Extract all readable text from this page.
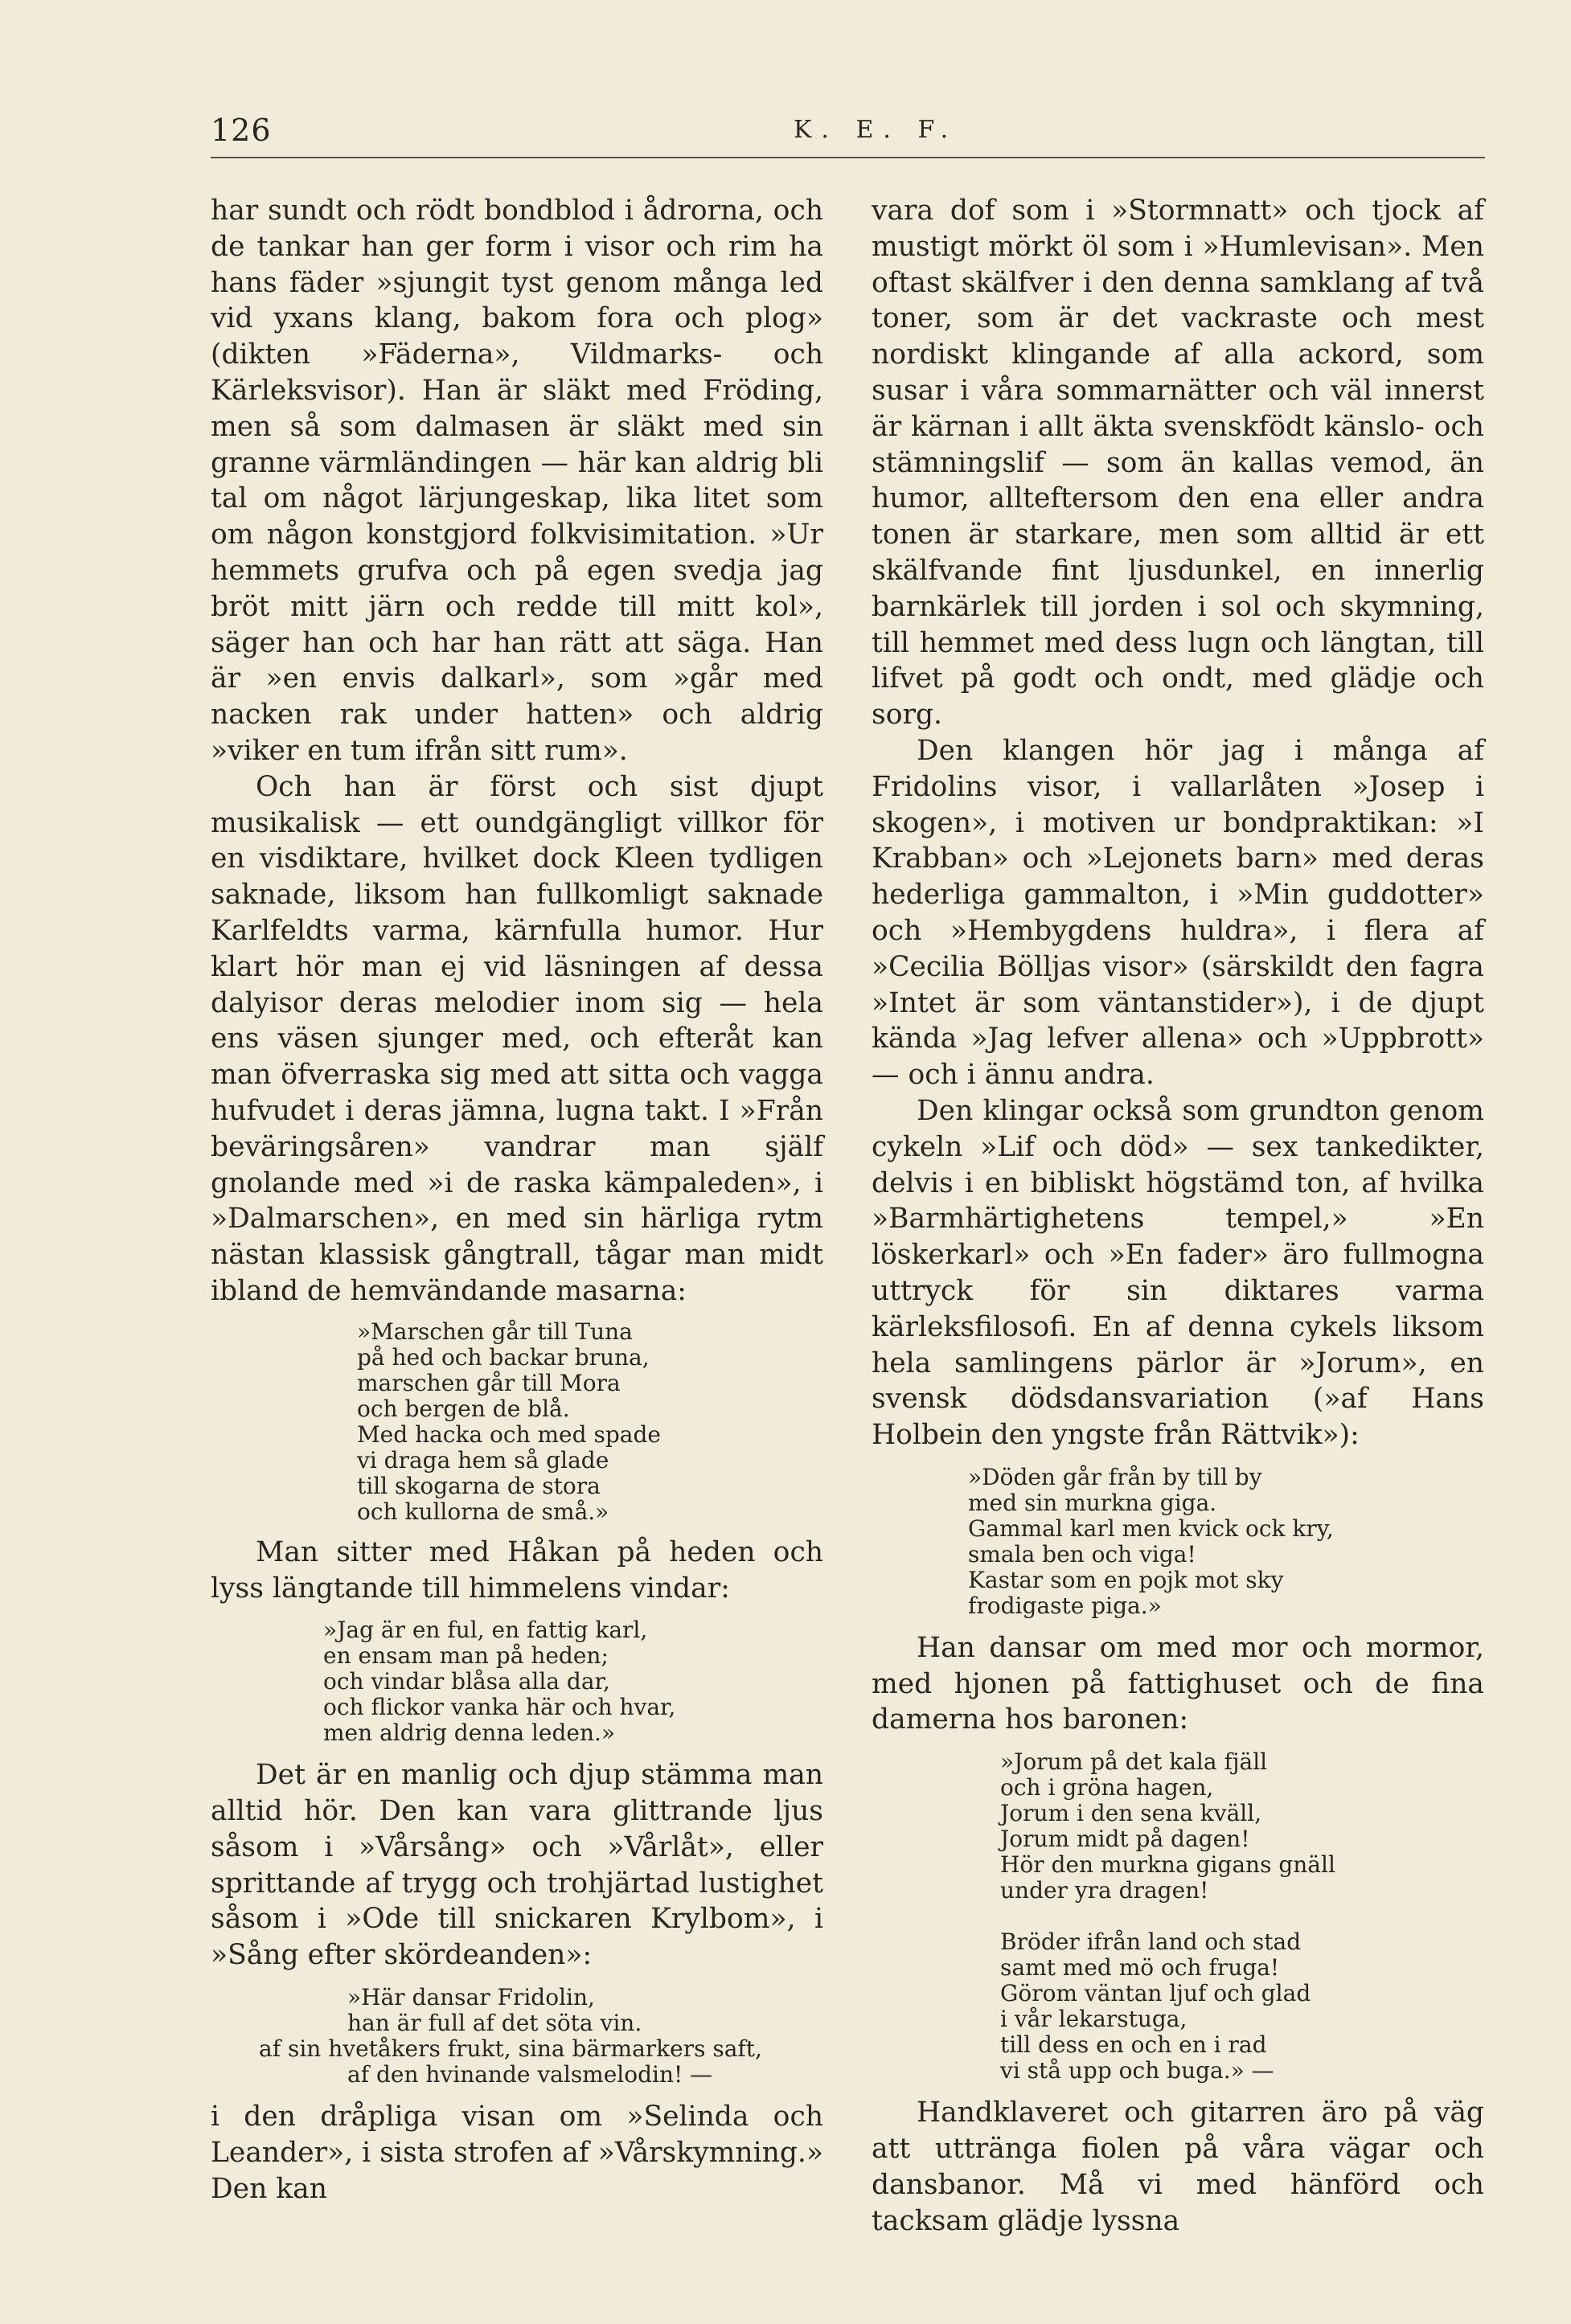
126	K. E. F.

har sundt och rödt bondblod i ådrorna, och de tankar han ger form i visor och rim ha hans fäder »sjungit tyst genom många led vid yxans klang, bakom fora och plog» (dikten »Fäderna», Vildmarks- och Kärleksvisor). Han är släkt med Fröding, men så som dalmasen är släkt med sin granne värmländingen — här kan aldrig bli tal om något lärjungeskap, lika litet som om någon konstgjord folkvisimitation. »Ur hemmets grufva och på egen svedja jag bröt mitt järn och redde till mitt kol», säger han och har han rätt att säga. Han är »en envis dalkarl», som »går med nacken rak under hatten» och aldrig »viker en tum ifrån sitt rum».

Och han är först och sist djupt musikalisk — ett oundgängligt villkor för en visdiktare, hvilket dock Kleen tydligen saknade, liksom han fullkomligt saknade Karlfeldts varma, kärnfulla humor. Hur klart hör man ej vid läsningen af dessa dalyisor deras melodier inom sig — hela ens väsen sjunger med, och efteråt kan man öfverraska sig med att sitta och vagga hufvudet i deras jämna, lugna takt. I »Från beväringsåren» vandrar man själf gnolande med »i de raska kämpaleden», i »Dalmarschen», en med sin härliga rytm nästan klassisk gångtrall, tågar man midt ibland de hemvändande masarna:

»Marschen går till Tuna
på hed och backar bruna,
marschen går till Mora
och bergen de blå.
Med hacka och med spade
vi draga hem så glade
till skogarna de stora
och kullorna de små.»

Man sitter med Håkan på heden och lyss längtande till himmelens vindar:

»Jag är en ful, en fattig karl,
en ensam man på heden;
och vindar blåsa alla dar,
och flickor vanka här och hvar,
men aldrig denna leden.»

Det är en manlig och djup stämma man alltid hör. Den kan vara glittrande ljus såsom i »Vårsång» och »Vårlåt», eller sprittande af trygg och trohjärtad lustighet såsom i »Ode till snickaren Krylbom», i »Sång efter skördeanden»:

»Här dansar Fridolin,
han är full af det söta vin.
af sin hvetåkers frukt, sina bärmarkers saft,
af den hvinande valsmelodin! —

i den dråpliga visan om »Selinda och Leander», i sista strofen af »Vårskymning.» Den kan

vara dof som i »Stormnatt» och tjock af mustigt mörkt öl som i »Humlevisan». Men oftast skälfver i den denna samklang af två toner, som är det vackraste och mest nordiskt klingande af alla ackord, som susar i våra sommarnätter och väl innerst är kärnan i allt äkta svenskfödt känslo- och stämningslif — som än kallas vemod, än humor, allteftersom den ena eller andra tonen är starkare, men som alltid är ett skälfvande fint ljusdunkel, en innerlig barnkärlek till jorden i sol och skymning, till hemmet med dess lugn och längtan, till lifvet på godt och ondt, med glädje och sorg.

Den klangen hör jag i många af Fridolins visor, i vallarlåten »Josep i skogen», i motiven ur bondpraktikan: »I Krabban» och »Lejonets barn» med deras hederliga gammalton, i »Min guddotter» och »Hembygdens huldra», i flera af »Cecilia Bölljas visor» (särskildt den fagra »Intet är som väntanstider»), i de djupt kända »Jag lefver allena» och »Uppbrott» — och i ännu andra.

Den klingar också som grundton genom cykeln »Lif och död» — sex tankedikter, delvis i en bibliskt högstämd ton, af hvilka »Barmhärtighetens tempel,» »En löskerkarl» och »En fader» äro fullmogna uttryck för sin diktares varma kärleksfilosofi. En af denna cykels liksom hela samlingens pärlor är »Jorum», en svensk dödsdansvariation (»af Hans Holbein den yngste från Rättvik»):

»Döden går från by till by
med sin murkna giga.
Gammal karl men kvick ock kry,
smala ben och viga!
Kastar som en pojk mot sky
frodigaste piga.»

Han dansar om med mor och mormor, med hjonen på fattighuset och de fina damerna hos baronen:

»Jorum på det kala fjäll
och i gröna hagen,
Jorum i den sena kväll,
Jorum midt på dagen!
Hör den murkna gigans gnäll
under yra dragen!
Bröder ifrån land och stad
samt med mö och fruga!
Görom väntan ljuf och glad
i vår lekarstuga,
till dess en och en i rad
vi stå upp och buga.» —

Handklaveret och gitarren äro på väg att uttränga fiolen på våra vägar och dansbanor. Må vi med hänförd och tacksam glädje lyssna
